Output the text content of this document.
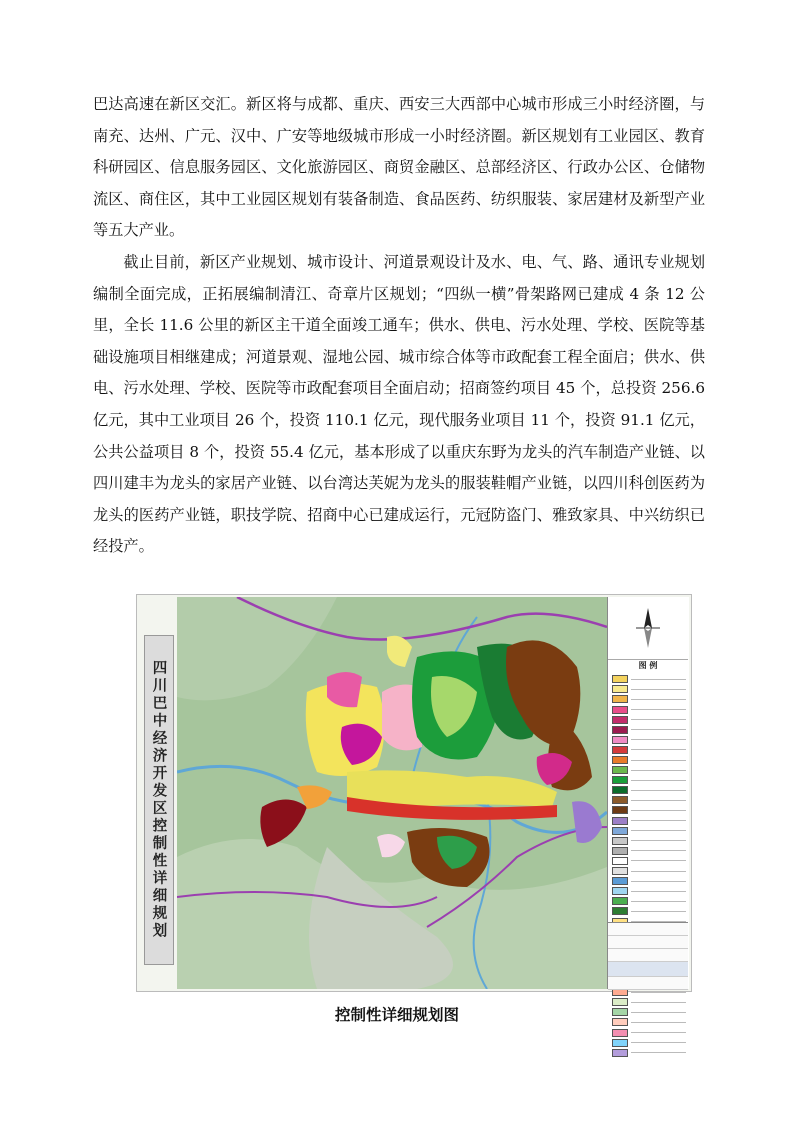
巴达高速在新区交汇。新区将与成都、重庆、西安三大西部中心城市形成三小时经济圈，与南充、达州、广元、汉中、广安等地级城市形成一小时经济圈。新区规划有工业园区、教育科研园区、信息服务园区、文化旅游园区、商贸金融区、总部经济区、行政办公区、仓储物流区、商住区，其中工业园区规划有装备制造、食品医药、纺织服装、家居建材及新型产业等五大产业。

截止目前，新区产业规划、城市设计、河道景观设计及水、电、气、路、通讯专业规划编制全面完成，正拓展编制清江、奇章片区规划；“四纵一横”骨架路网已建成 4 条 12 公里，全长 11.6 公里的新区主干道全面竣工通车；供水、供电、污水处理、学校、医院等基础设施项目相继建成；河道景观、湿地公园、城市综合体等市政配套工程全面启；供水、供电、污水处理、学校、医院等市政配套项目全面启动；招商签约项目 45 个，总投资 256.6 亿元，其中工业项目 26 个，投资 110.1 亿元，现代服务业项目 11 个，投资 91.1 亿元，公共公益项目 8 个，投资 55.4 亿元，基本形成了以重庆东野为龙头的汽车制造产业链、以四川建丰为龙头的家居产业链、以台湾达芙妮为龙头的服装鞋帽产业链，以四川科创医药为龙头的医药产业链，职技学院、招商中心已建成运行，元冠防盗门、雅致家具、中兴纺织已经投产。

四川巴中经济开发区控制性详细规划	图 例
控制性详细规划图
